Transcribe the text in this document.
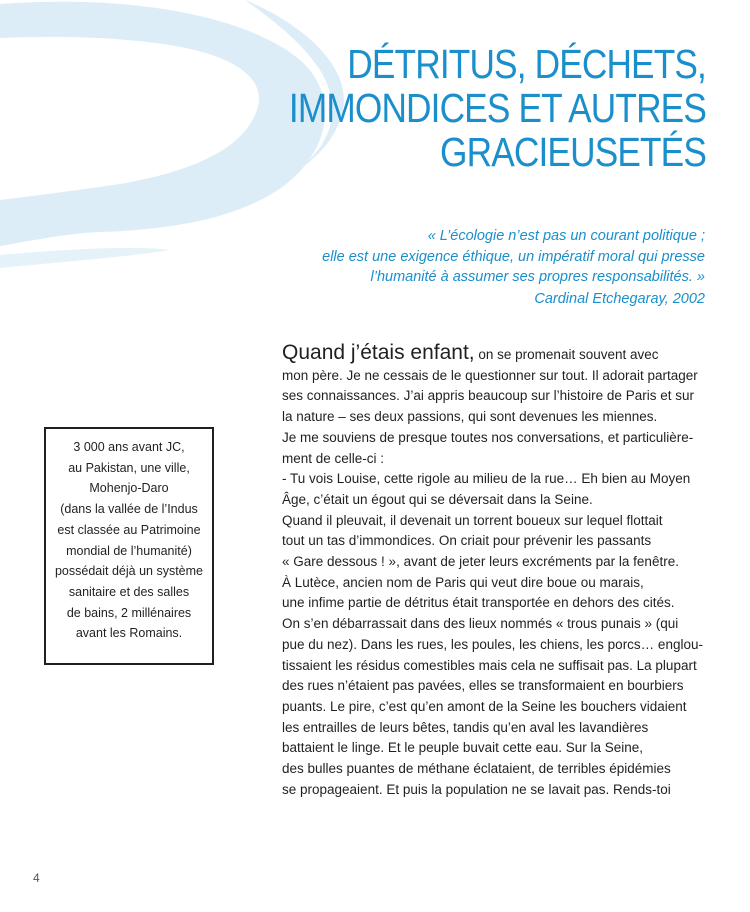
DÉTRITUS, DÉCHETS,
IMMONDICES ET AUTRES
GRACIEUSETÉS
« L’écologie n’est pas un courant politique ;
elle est une exigence éthique, un impératif moral qui presse
l’humanité à assumer ses propres responsabilités. »
Cardinal Etchegaray, 2002
3 000 ans avant JC,
au Pakistan, une ville,
Mohenjo-Daro
(dans la vallée de l’Indus
est classée au Patrimoine
mondial de l’humanité)
possédait déjà un système
sanitaire et des salles
de bains, 2 millénaires
avant les Romains.
Quand j’étais enfant, on se promenait souvent avec
mon père. Je ne cessais de le questionner sur tout. Il adorait partager
ses connaissances. J’ai appris beaucoup sur l’histoire de Paris et sur
la nature – ses deux passions, qui sont devenues les miennes.
Je me souviens de presque toutes nos conversations, et particulière-
ment de celle-ci :
- Tu vois Louise, cette rigole au milieu de la rue… Eh bien au Moyen
Âge, c’était un égout qui se déversait dans la Seine.
Quand il pleuvait, il devenait un torrent boueux sur lequel flottait
tout un tas d’immondices. On criait pour prévenir les passants
« Gare dessous ! », avant de jeter leurs excréments par la fenêtre.
À Lutèce, ancien nom de Paris qui veut dire boue ou marais,
une infime partie de détritus était transportée en dehors des cités.
On s’en débarrassait dans des lieux nommés « trous punais » (qui
pue du nez). Dans les rues, les poules, les chiens, les porcs… englou-
tissaient les résidus comestibles mais cela ne suffisait pas. La plupart
des rues n’étaient pas pavées, elles se transformaient en bourbiers
puants. Le pire, c’est qu’en amont de la Seine les bouchers vidaient
les entrailles de leurs bêtes, tandis qu’en aval les lavandières
battaient le linge. Et le peuple buvait cette eau. Sur la Seine,
des bulles puantes de méthane éclataient, de terribles épidémies
se propageaient. Et puis la population ne se lavait pas. Rends-toi
4
